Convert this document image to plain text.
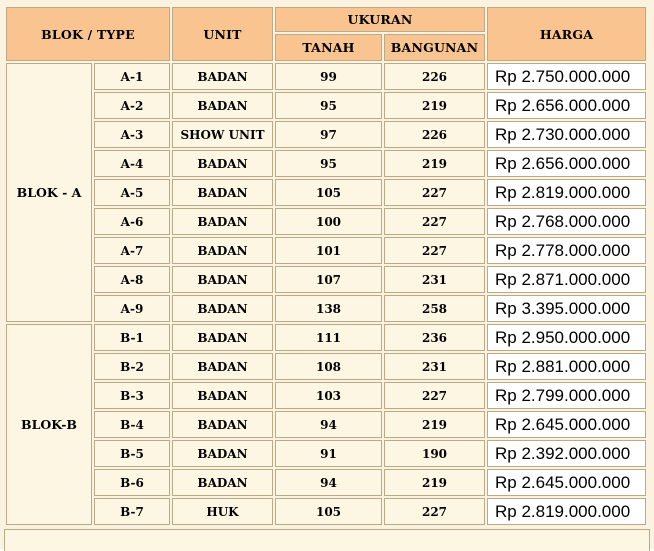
BLOK / TYPE		UNIT	UKURAN		HARGA
			TANAH	BANGUNAN	
BLOK - A	A-1	BADAN	99	226	Rp 2.750.000.000
	A-2	BADAN	95	219	Rp 2.656.000.000
	A-3	SHOW UNIT	97	226	Rp 2.730.000.000
	A-4	BADAN	95	219	Rp 2.656.000.000
	A-5	BADAN	105	227	Rp 2.819.000.000
	A-6	BADAN	100	227	Rp 2.768.000.000
	A-7	BADAN	101	227	Rp 2.778.000.000
	A-8	BADAN	107	231	Rp 2.871.000.000
	A-9	BADAN	138	258	Rp 3.395.000.000
BLOK-B	B-1	BADAN	111	236	Rp 2.950.000.000
	B-2	BADAN	108	231	Rp 2.881.000.000
	B-3	BADAN	103	227	Rp 2.799.000.000
	B-4	BADAN	94	219	Rp 2.645.000.000
	B-5	BADAN	91	190	Rp 2.392.000.000
	B-6	BADAN	94	219	Rp 2.645.000.000
	B-7	HUK	105	227	Rp 2.819.000.000
